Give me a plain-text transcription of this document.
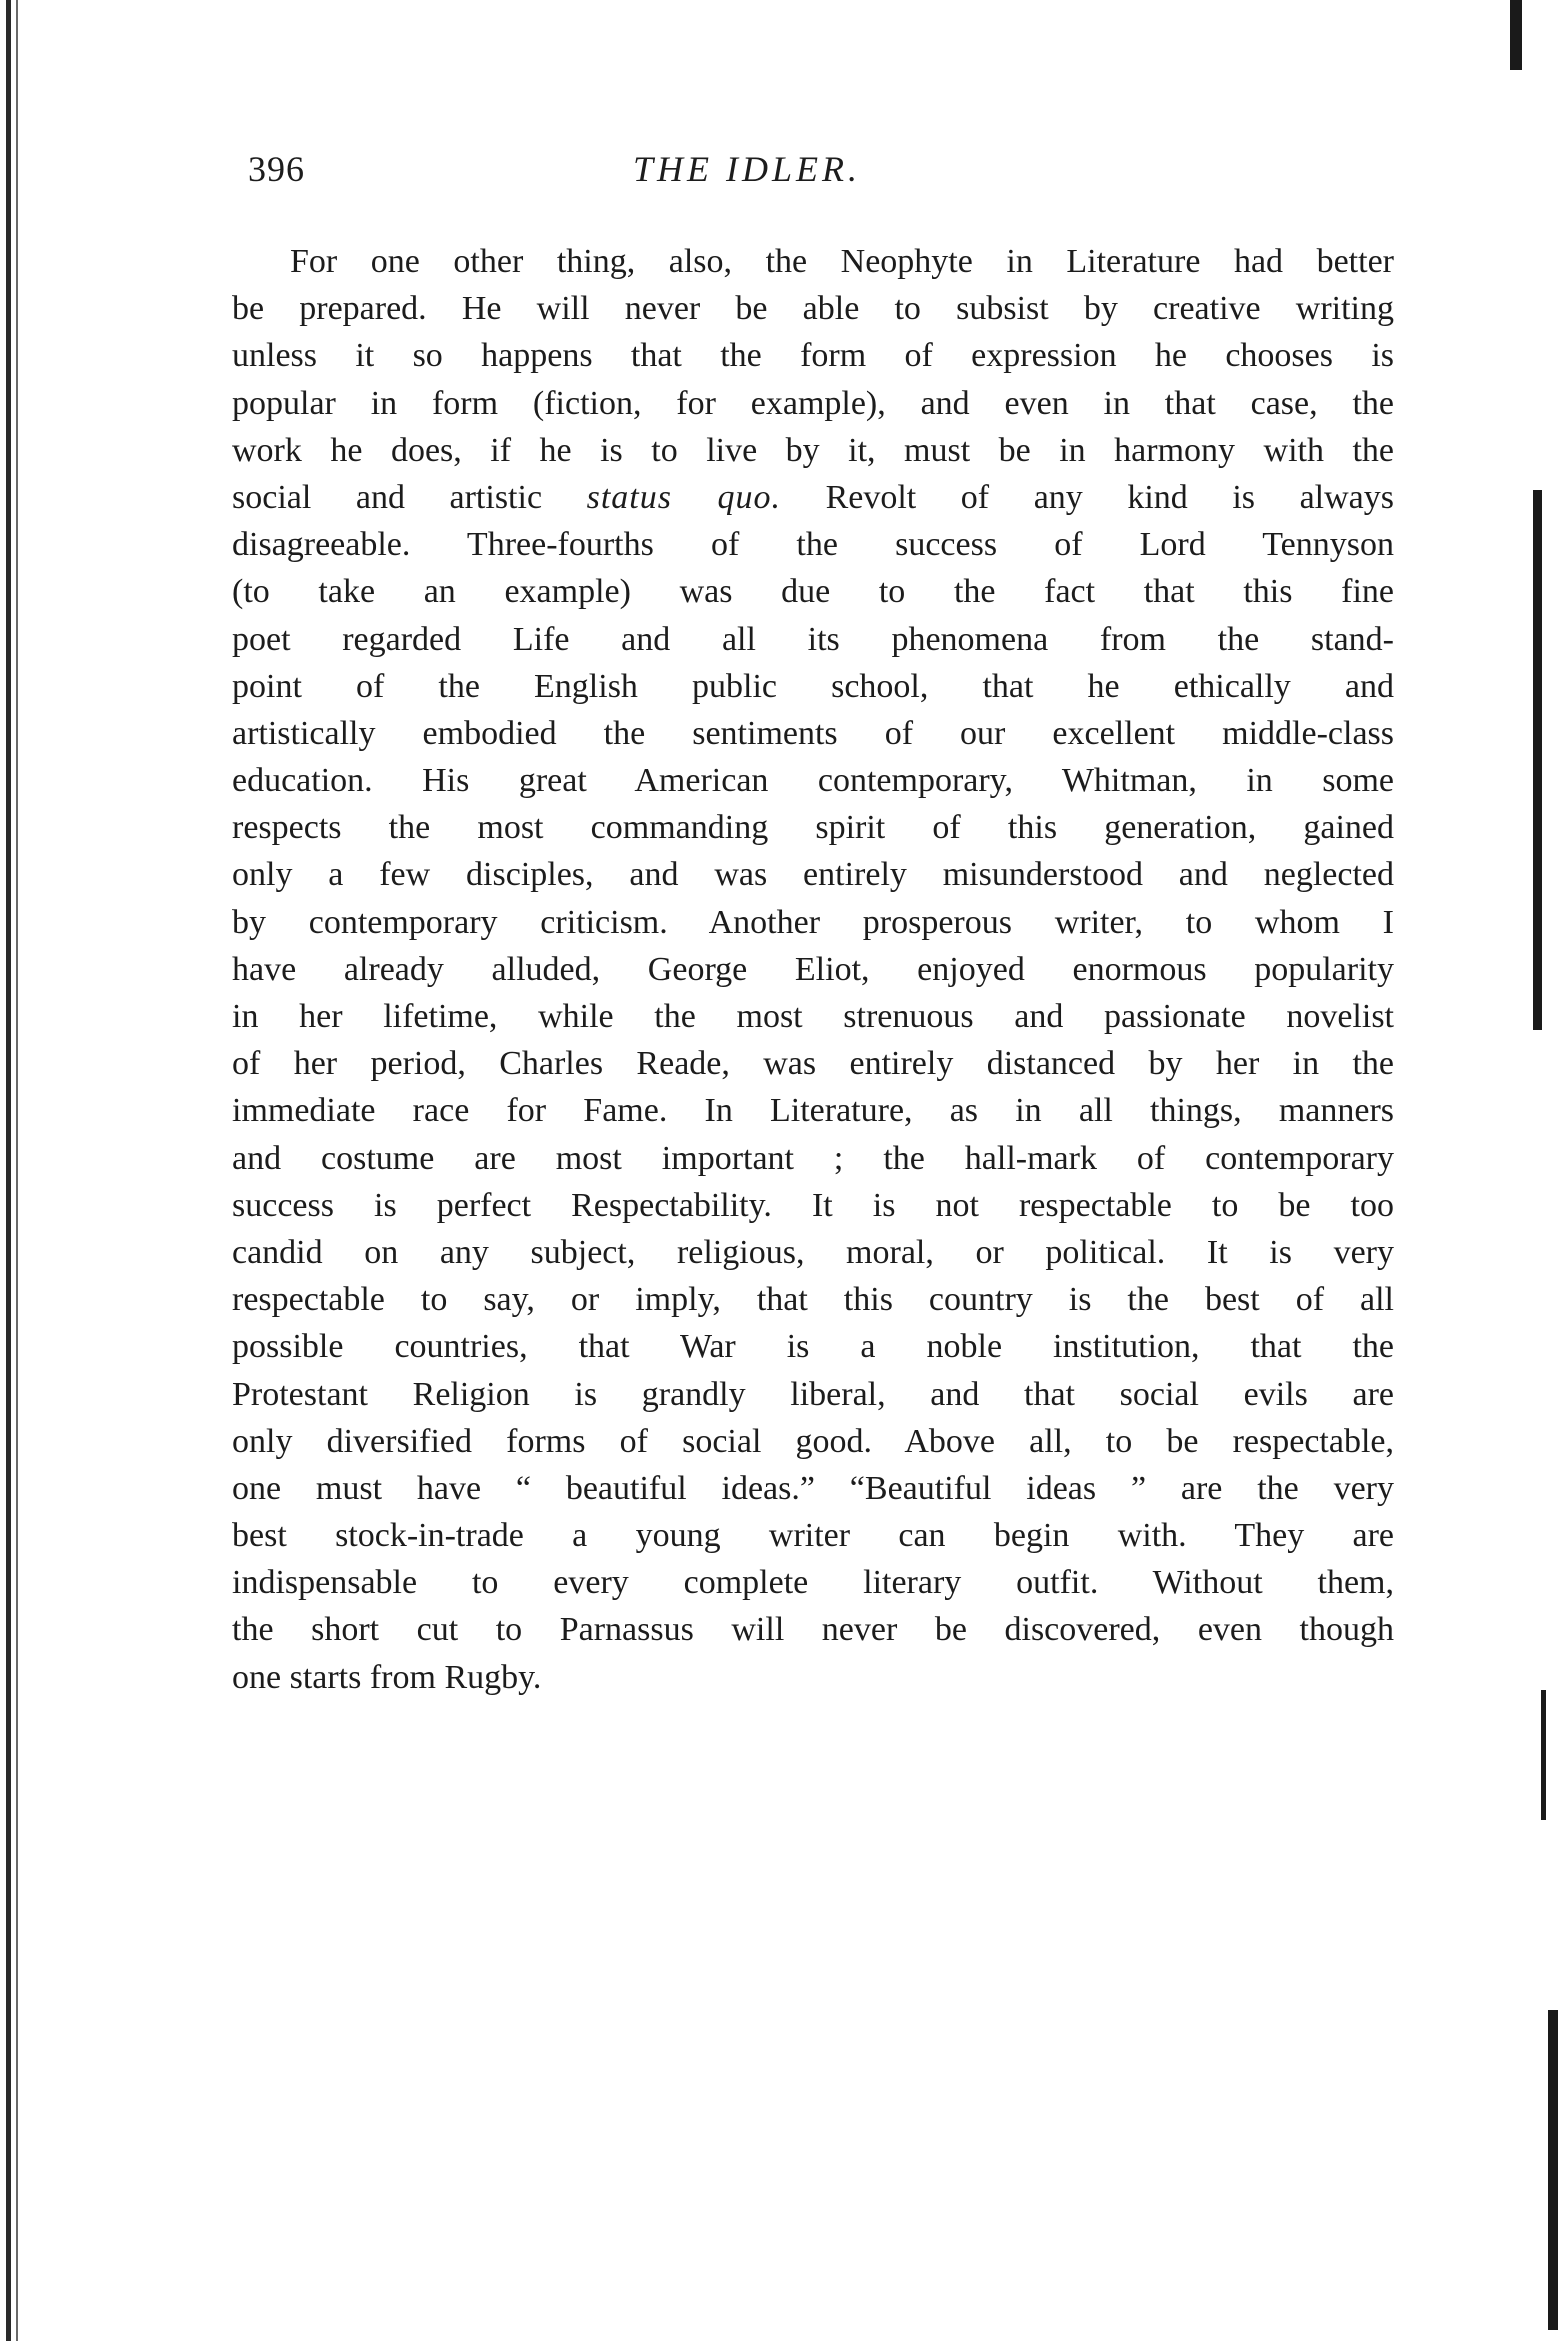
396	THE IDLER.
For one other thing, also, the Neophyte in Literature had better
be prepared. He will never be able to subsist by creative writing
unless it so happens that the form of expression he chooses is
popular in form (fiction, for example), and even in that case, the
work he does, if he is to live by it, must be in harmony with the
social and artistic status quo. Revolt of any kind is always
disagreeable. Three-fourths of the success of Lord Tennyson
(to take an example) was due to the fact that this fine
poet regarded Life and all its phenomena from the stand-
point of the English public school, that he ethically and
artistically embodied the sentiments of our excellent middle-class
education. His great American contemporary, Whitman, in some
respects the most commanding spirit of this generation, gained
only a few disciples, and was entirely misunderstood and neglected
by contemporary criticism. Another prosperous writer, to whom I
have already alluded, George Eliot, enjoyed enormous popularity
in her lifetime, while the most strenuous and passionate novelist
of her period, Charles Reade, was entirely distanced by her in the
immediate race for Fame. In Literature, as in all things, manners
and costume are most important ; the hall-mark of contemporary
success is perfect Respectability. It is not respectable to be too
candid on any subject, religious, moral, or political. It is very
respectable to say, or imply, that this country is the best of all
possible countries, that War is a noble institution, that the
Protestant Religion is grandly liberal, and that social evils are
only diversified forms of social good. Above all, to be respectable,
one must have “ beautiful ideas.” “Beautiful ideas ” are the very
best stock-in-trade a young writer can begin with. They are
indispensable to every complete literary outfit. Without them,
the short cut to Parnassus will never be discovered, even though
one starts from Rugby.
